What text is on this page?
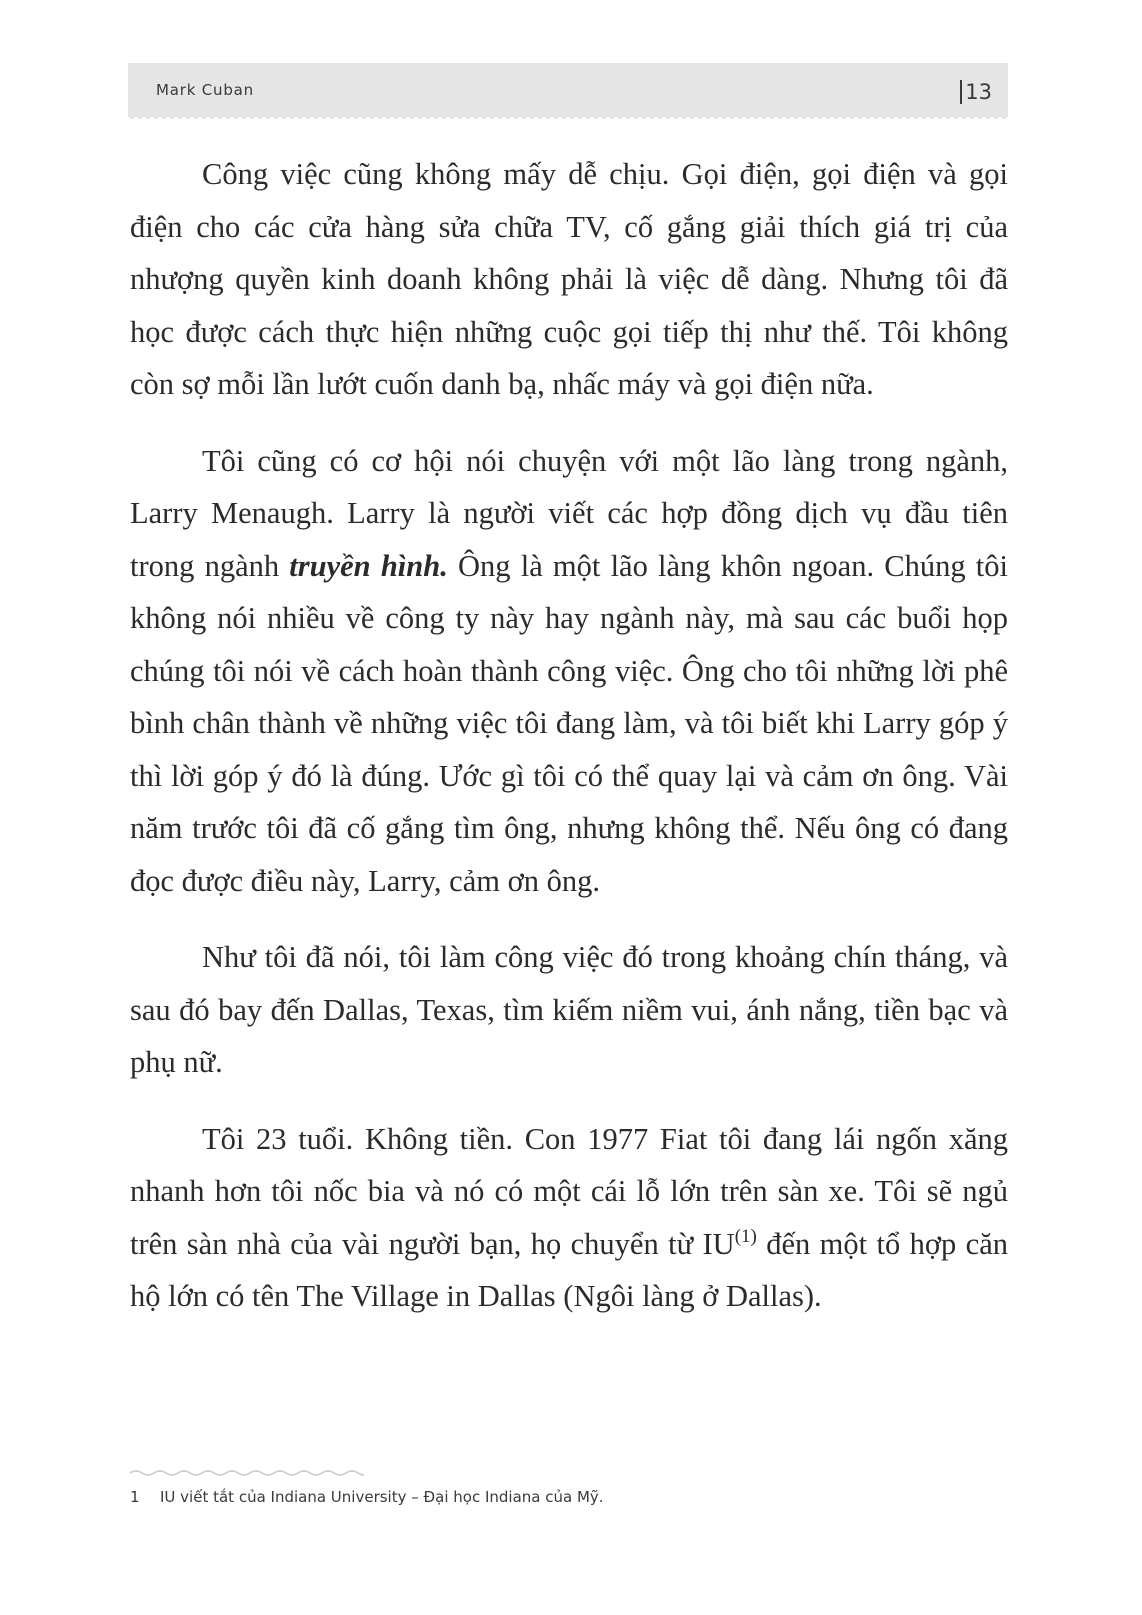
Mark Cuban	13

Công việc cũng không mấy dễ chịu. Gọi điện, gọi điện và gọi điện cho các cửa hàng sửa chữa TV, cố gắng giải thích giá trị của nhượng quyền kinh doanh không phải là việc dễ dàng. Nhưng tôi đã học được cách thực hiện những cuộc gọi tiếp thị như thế. Tôi không còn sợ mỗi lần lướt cuốn danh bạ, nhấc máy và gọi điện nữa.

Tôi cũng có cơ hội nói chuyện với một lão làng trong ngành, Larry Menaugh. Larry là người viết các hợp đồng dịch vụ đầu tiên trong ngành truyền hình. Ông là một lão làng khôn ngoan. Chúng tôi không nói nhiều về công ty này hay ngành này, mà sau các buổi họp chúng tôi nói về cách hoàn thành công việc. Ông cho tôi những lời phê bình chân thành về những việc tôi đang làm, và tôi biết khi Larry góp ý thì lời góp ý đó là đúng. Ước gì tôi có thể quay lại và cảm ơn ông. Vài năm trước tôi đã cố gắng tìm ông, nhưng không thể. Nếu ông có đang đọc được điều này, Larry, cảm ơn ông.

Như tôi đã nói, tôi làm công việc đó trong khoảng chín tháng, và sau đó bay đến Dallas, Texas, tìm kiếm niềm vui, ánh nắng, tiền bạc và phụ nữ.

Tôi 23 tuổi. Không tiền. Con 1977 Fiat tôi đang lái ngốn xăng nhanh hơn tôi nốc bia và nó có một cái lỗ lớn trên sàn xe. Tôi sẽ ngủ trên sàn nhà của vài người bạn, họ chuyển từ IU$^{(1)}$ đến một tổ hợp căn hộ lớn có tên The Village in Dallas (Ngôi làng ở Dallas).

1 IU viết tắt của Indiana University – Đại học Indiana của Mỹ.
